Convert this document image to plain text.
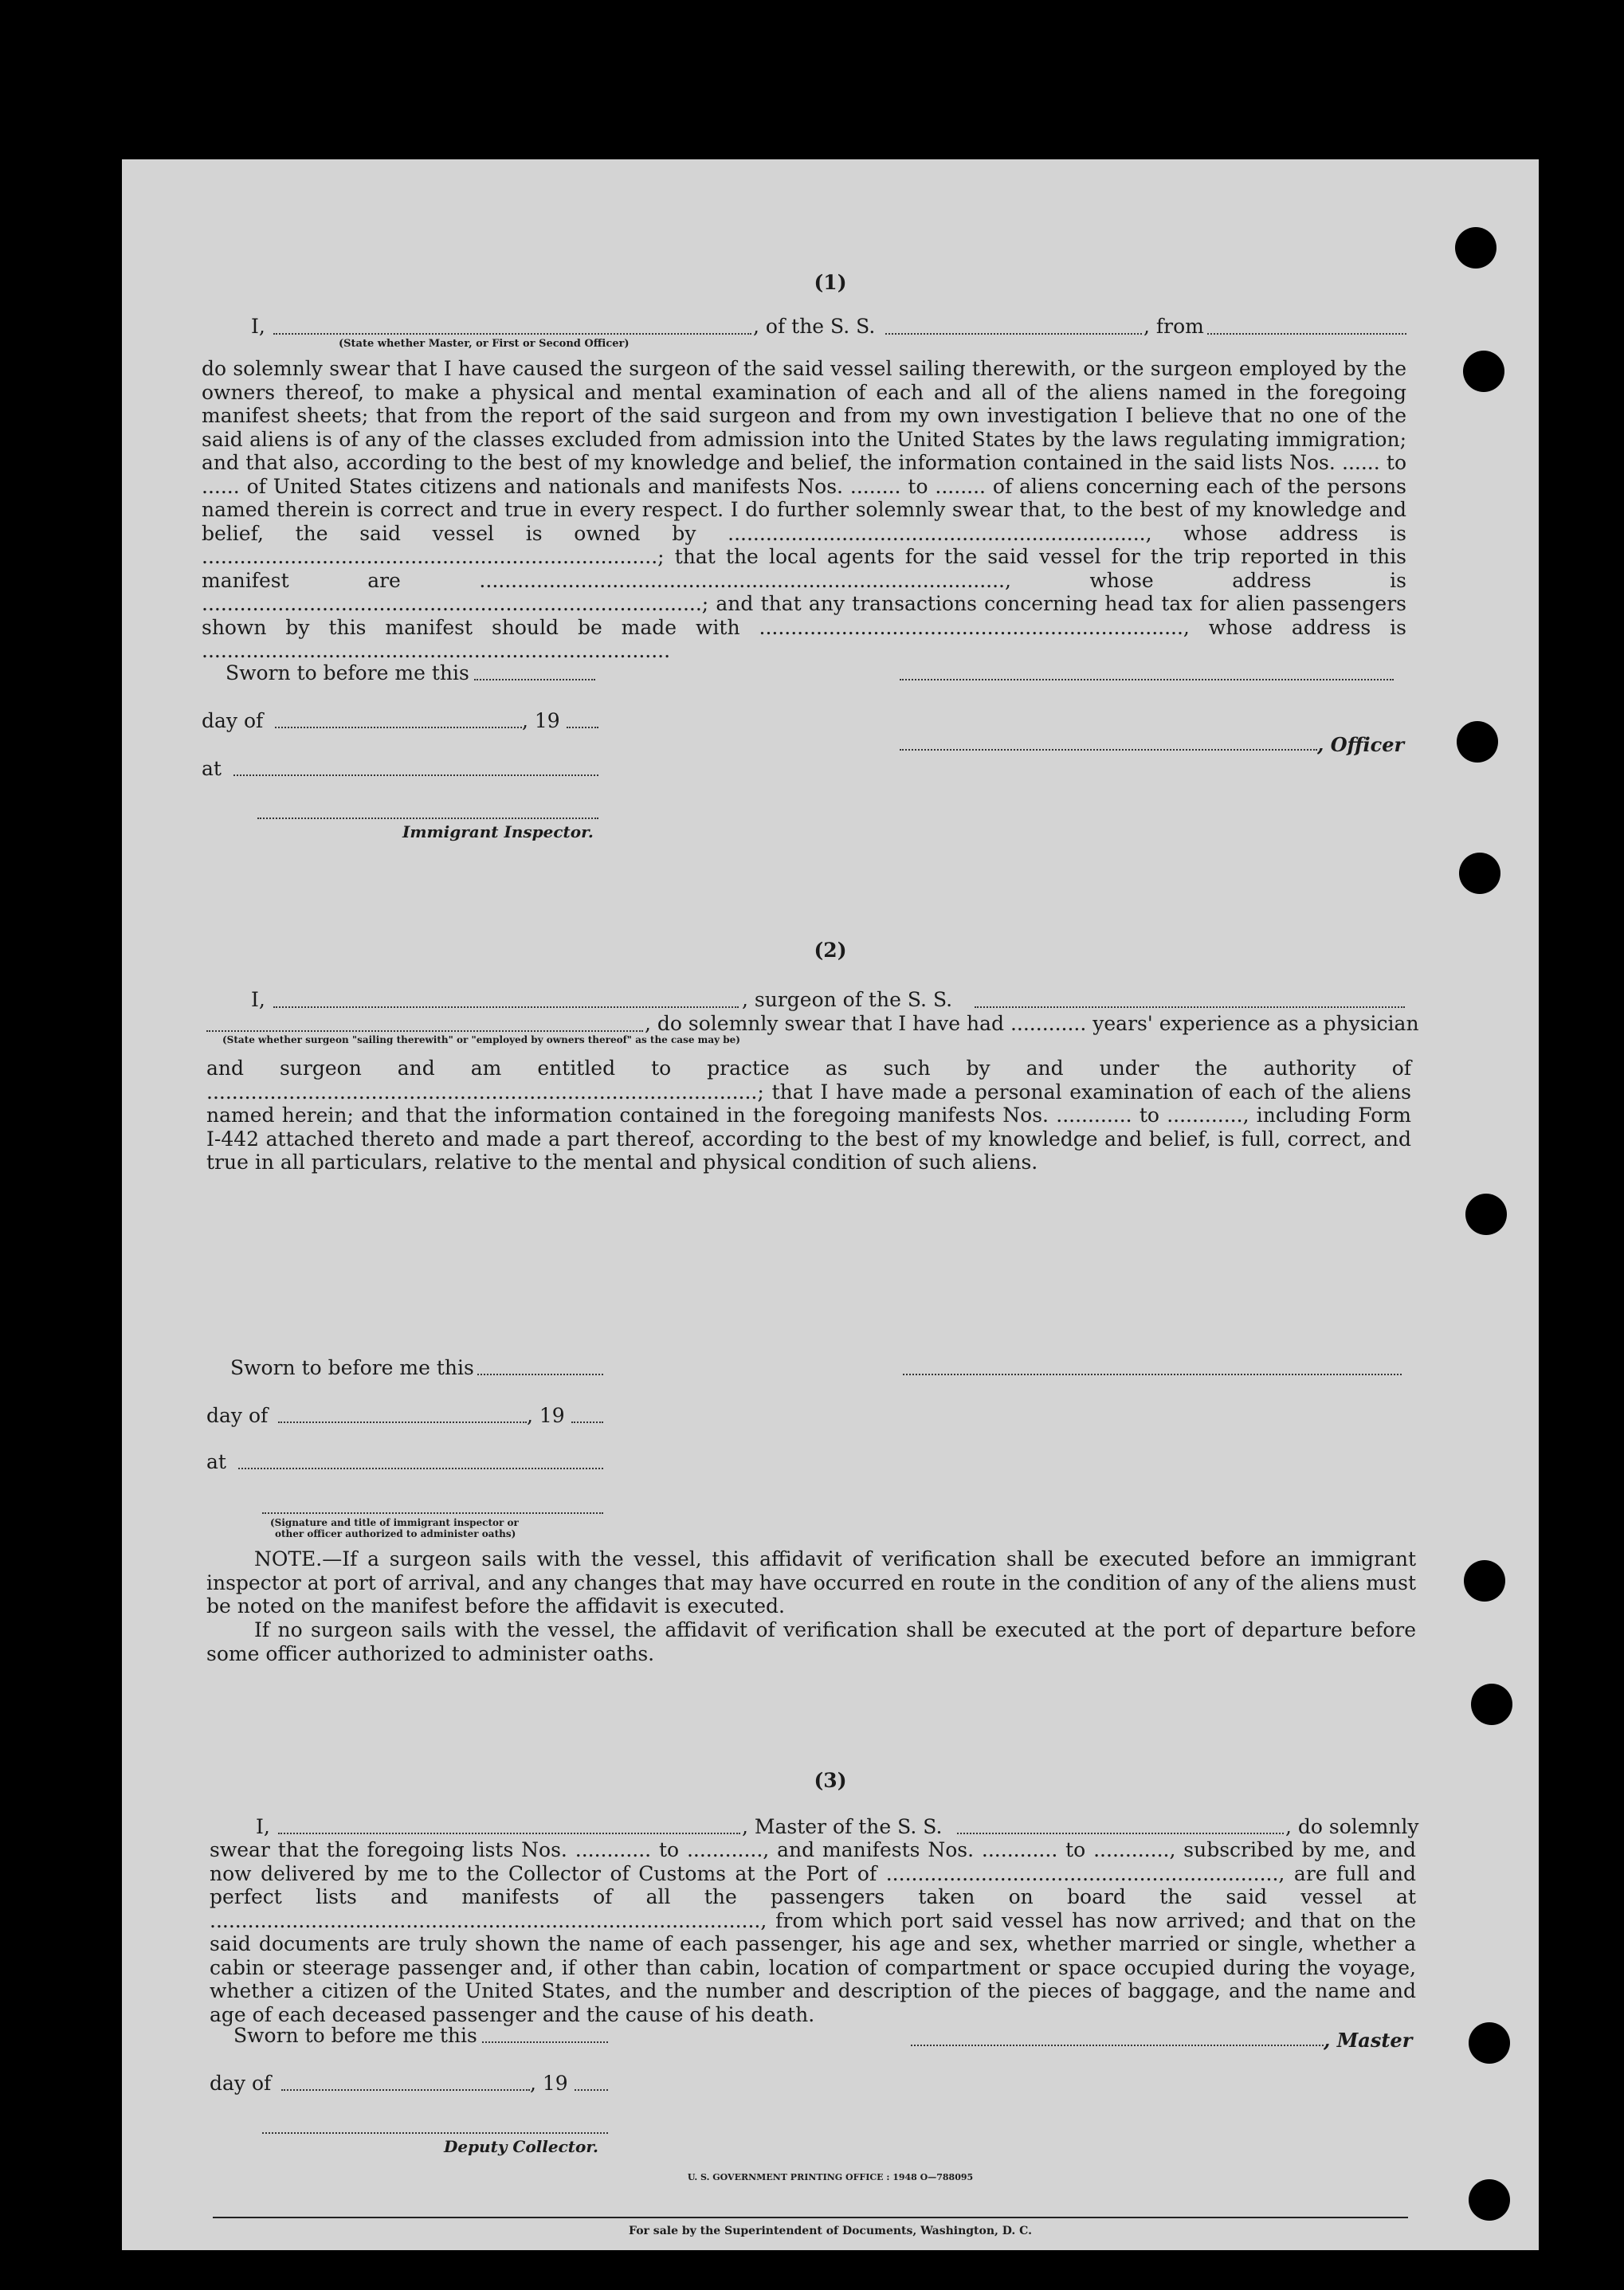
(1)
I,	, of the S. S.	, from
(State whether Master, or First or Second Officer)
do solemnly swear that I have caused the surgeon of the said vessel sailing therewith, or the surgeon employed by the owners thereof, to make a physical and mental examination of each and all of the aliens named in the foregoing manifest sheets; that from the report of the said surgeon and from my own investigation I believe that no one of the said aliens is of any of the classes excluded from admission into the United States by the laws regulating immigration; and that also, according to the best of my knowledge and belief, the information contained in the said lists Nos. ...... to ...... of United States citizens and nationals and manifests Nos. ........ to ........ of aliens concerning each of the persons named therein is correct and true in every respect. I do further solemnly swear that, to the best of my knowledge and belief, the said vessel is owned by .................................................................., whose address is ........................................................................; that the local agents for the said vessel for the trip reported in this manifest are ..................................................................................., whose address is ...............................................................................; and that any transactions concerning head tax for alien passengers shown by this manifest should be made with ..................................................................., whose address is ..........................................................................
Sworn to before me this
day of	, 19
, Officer
at
Immigrant Inspector.
(2)
I,	, surgeon of the S. S.
, do solemnly swear that I have had ............ years' experience as a physician
(State whether surgeon "sailing therewith" or "employed by owners thereof" as the case may be)
and surgeon and am entitled to practice as such by and under the authority of .......................................................................................; that I have made a personal examination of each of the aliens named herein; and that the information contained in the foregoing manifests Nos. ............ to ............, including Form I-442 attached thereto and made a part thereof, according to the best of my knowledge and belief, is full, correct, and true in all particulars, relative to the mental and physical condition of such aliens.
Sworn to before me this
day of	, 19
at
(Signature and title of immigrant inspector or
other officer authorized to administer oaths)
NOTE.—If a surgeon sails with the vessel, this affidavit of verification shall be executed before an immigrant inspector at port of arrival, and any changes that may have occurred en route in the condition of any of the aliens must be noted on the manifest before the affidavit is executed.
If no surgeon sails with the vessel, the affidavit of verification shall be executed at the port of departure before some officer authorized to administer oaths.
(3)
I,	, Master of the S. S.	, do solemnly
swear that the foregoing lists Nos. ............ to ............, and manifests Nos. ............ to ............, subscribed by me, and now delivered by me to the Collector of Customs at the Port of .............................................................., are full and perfect lists and manifests of all the passengers taken on board the said vessel at ......................................................................................., from which port said vessel has now arrived; and that on the said documents are truly shown the name of each passenger, his age and sex, whether married or single, whether a cabin or steerage passenger and, if other than cabin, location of compartment or space occupied during the voyage, whether a citizen of the United States, and the number and description of the pieces of baggage, and the name and age of each deceased passenger and the cause of his death.
Sworn to before me this	, Master
day of	, 19
Deputy Collector.
U. S. GOVERNMENT PRINTING OFFICE : 1948 O—788095
For sale by the Superintendent of Documents, Washington, D. C.
